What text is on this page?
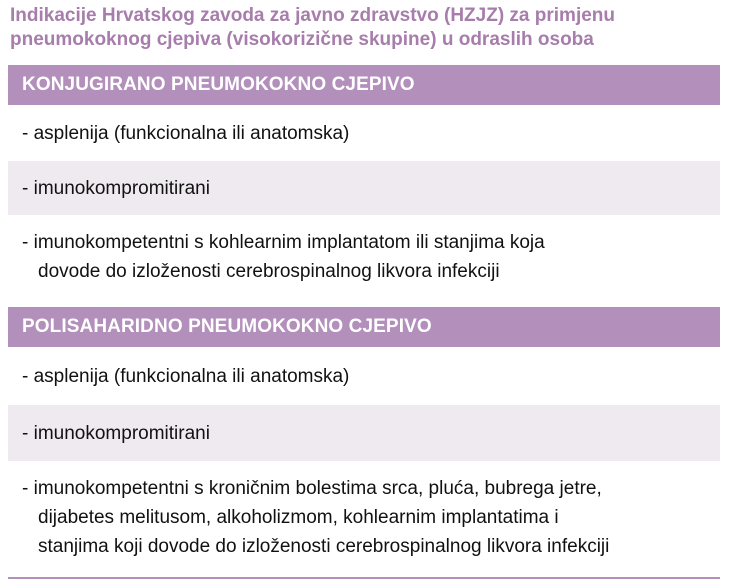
Indikacije Hrvatskog zavoda za javno zdravstvo (HZJZ) za primjenu
pneumokoknog cjepiva (visokorizične skupine) u odraslih osoba
KONJUGIRANO PNEUMOKOKNO CJEPIVO
- asplenija (funkcionalna ili anatomska)
- imunokompromitirani
- imunokompetentni s kohlearnim implantatom ili stanjima koja
dovode do izloženosti cerebrospinalnog likvora infekciji
POLISAHARIDNO PNEUMOKOKNO CJEPIVO
- asplenija (funkcionalna ili anatomska)
- imunokompromitirani
- imunokompetentni s kroničnim bolestima srca, pluća, bubrega jetre,
dijabetes melitusom, alkoholizmom, kohlearnim implantatima i
stanjima koji dovode do izloženosti cerebrospinalnog likvora infekciji
